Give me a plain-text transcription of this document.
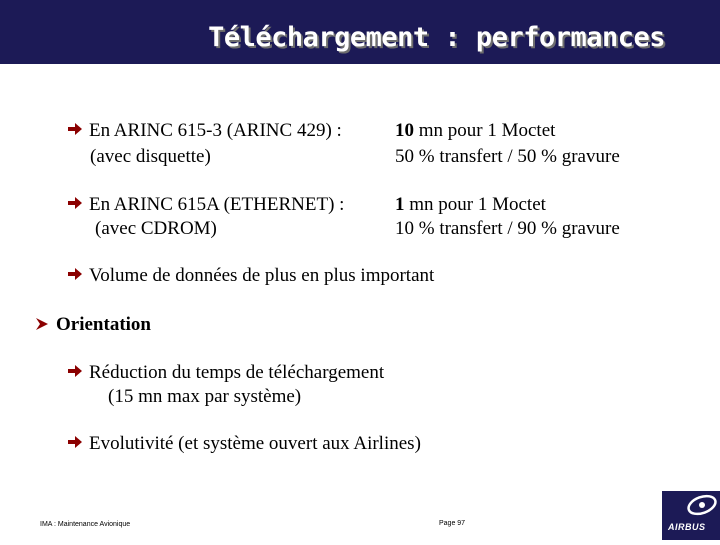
Téléchargement : performances
En ARINC 615-3 (ARINC 429) :
(avec disquette)
10 mn pour 1 Moctet
50 % transfert / 50 % gravure
En ARINC 615A (ETHERNET) :
(avec CDROM)
1 mn pour 1 Moctet
10 % transfert / 90 % gravure
Volume de données de plus en plus important
Orientation
Réduction du temps de téléchargement
(15 mn max par système)
Evolutivité (et système ouvert aux Airlines)
IMA : Maintenance Avionique	Page 97	AIRBUS
